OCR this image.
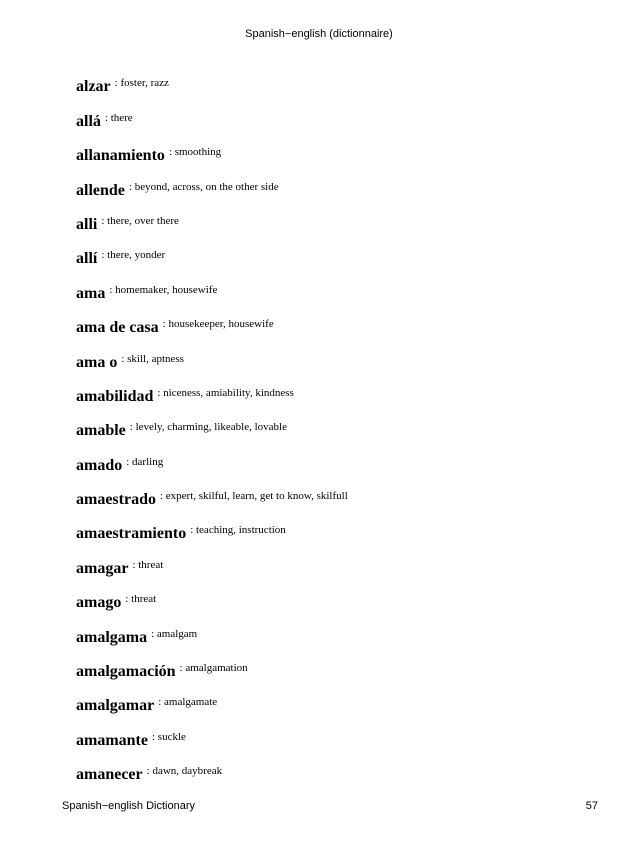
Spanish−english (dictionnaire)
alzar : foster, razz
allá : there
allanamiento : smoothing
allende : beyond, across, on the other side
alli : there, over there
allí : there, yonder
ama : homemaker, housewife
ama de casa : housekeeper, housewife
ama o : skill, aptness
amabilidad : niceness, amiability, kindness
amable : levely, charming, likeable, lovable
amado : darling
amaestrado : expert, skilful, learn, get to know, skilfull
amaestramiento : teaching, instruction
amagar : threat
amago : threat
amalgama : amalgam
amalgamación : amalgamation
amalgamar : amalgamate
amamante : suckle
amanecer : dawn, daybreak
Spanish−english Dictionary	57
